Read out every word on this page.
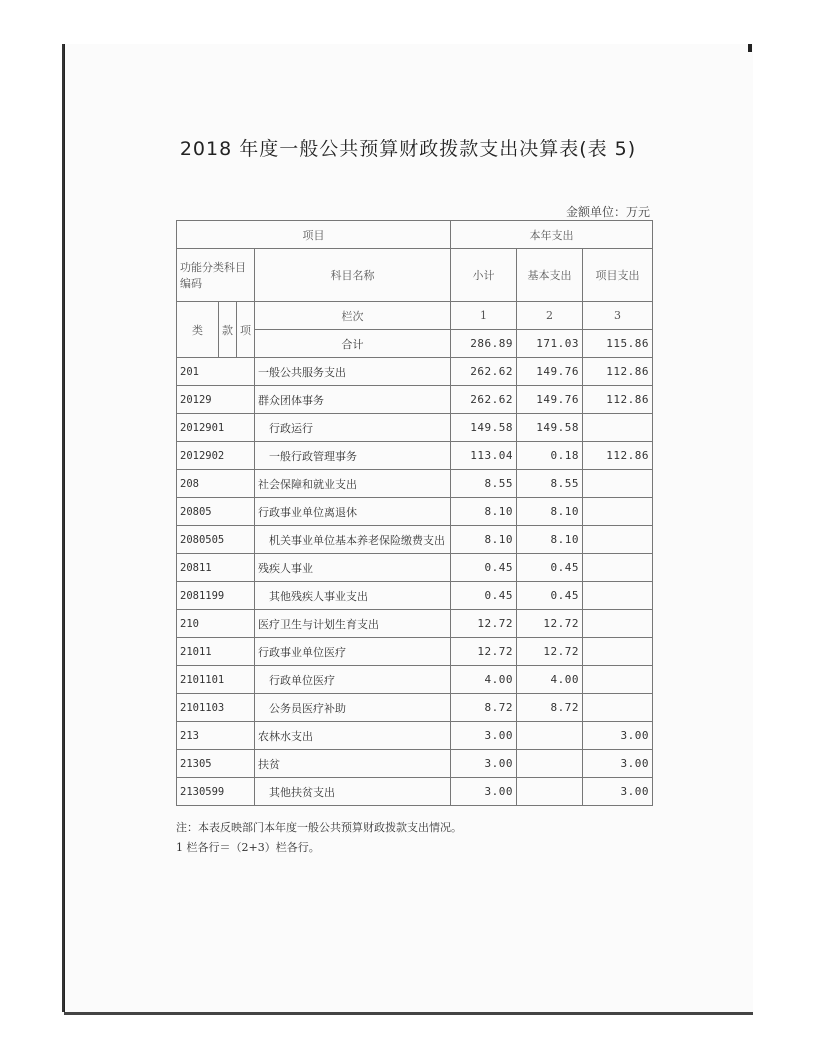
2018 年度一般公共预算财政拨款支出决算表(表 5)
金额单位：万元
项目				本年支出		
功能分类科目编码			科目名称	小计	基本支出	项目支出
类	款	项	栏次	1	2	3
			合计	286.89	171.03	115.86
201			一般公共服务支出	262.62	149.76	112.86
20129			群众团体事务	262.62	149.76	112.86
2012901			行政运行	149.58	149.58	
2012902			一般行政管理事务	113.04	0.18	112.86
208			社会保障和就业支出	8.55	8.55	
20805			行政事业单位离退休	8.10	8.10	
2080505			机关事业单位基本养老保险缴费支出	8.10	8.10	
20811			残疾人事业	0.45	0.45	
2081199			其他残疾人事业支出	0.45	0.45	
210			医疗卫生与计划生育支出	12.72	12.72	
21011			行政事业单位医疗	12.72	12.72	
2101101			行政单位医疗	4.00	4.00	
2101103			公务员医疗补助	8.72	8.72	
213			农林水支出	3.00		3.00
21305			扶贫	3.00		3.00
2130599			其他扶贫支出	3.00		3.00
注：本表反映部门本年度一般公共预算财政拨款支出情况。
1 栏各行＝（2+3）栏各行。
